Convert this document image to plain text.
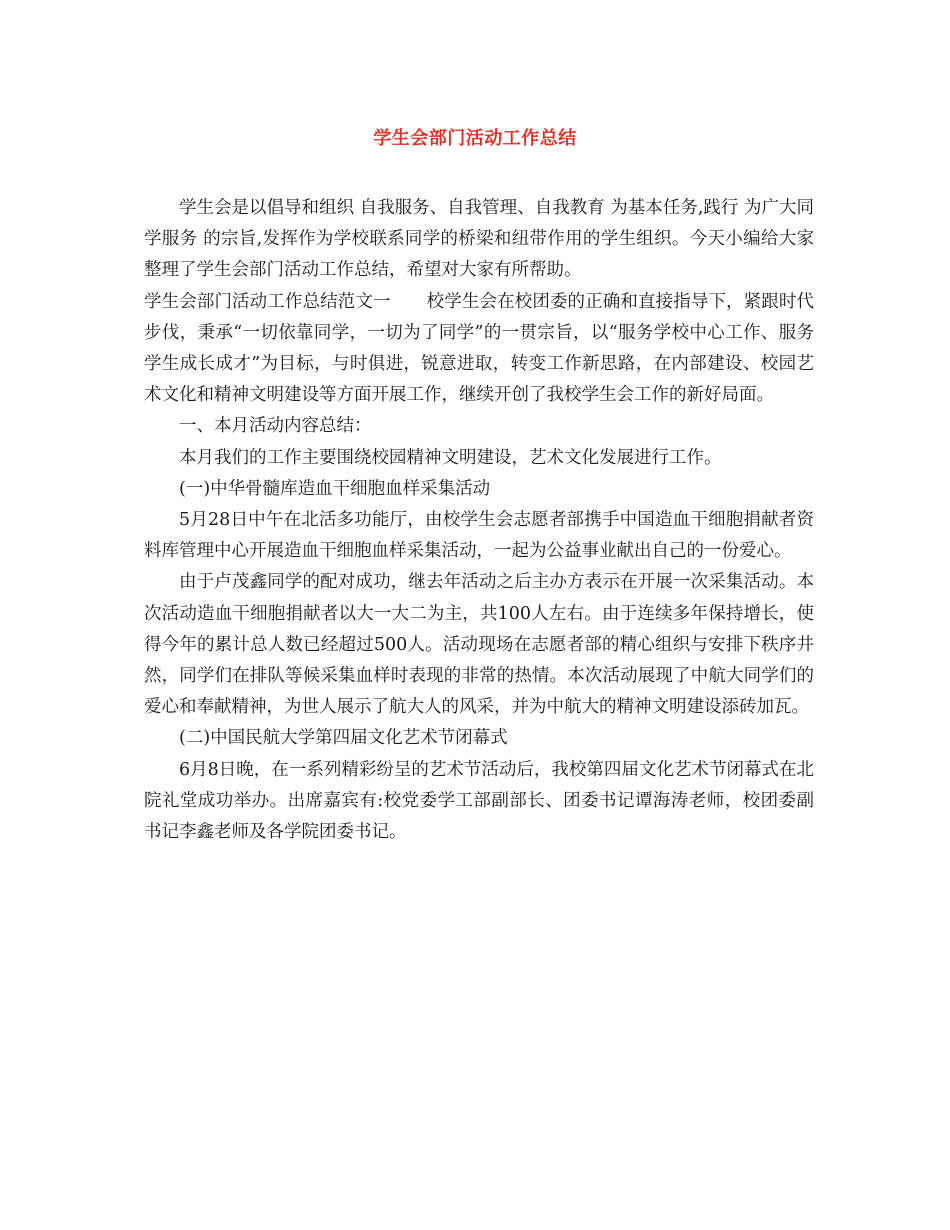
学生会部门活动工作总结

学生会是以倡导和组织 自我服务、自我管理、自我教育 为基本任务,践行 为广大同学服务 的宗旨,发挥作为学校联系同学的桥梁和纽带作用的学生组织。今天小编给大家整理了学生会部门活动工作总结，希望对大家有所帮助。

学生会部门活动工作总结范文一 校学生会在校团委的正确和直接指导下，紧跟时代步伐，秉承“一切依靠同学，一切为了同学”的一贯宗旨，以“服务学校中心工作、服务学生成长成才”为目标，与时俱进，锐意进取，转变工作新思路，在内部建设、校园艺术文化和精神文明建设等方面开展工作，继续开创了我校学生会工作的新好局面。

一、本月活动内容总结：

本月我们的工作主要围绕校园精神文明建设，艺术文化发展进行工作。

(一)中华骨髓库造血干细胞血样采集活动

5月28日中午在北活多功能厅，由校学生会志愿者部携手中国造血干细胞捐献者资料库管理中心开展造血干细胞血样采集活动，一起为公益事业献出自己的一份爱心。

由于卢茂鑫同学的配对成功，继去年活动之后主办方表示在开展一次采集活动。本次活动造血干细胞捐献者以大一大二为主，共100人左右。由于连续多年保持增长，使得今年的累计总人数已经超过500人。活动现场在志愿者部的精心组织与安排下秩序井然，同学们在排队等候采集血样时表现的非常的热情。本次活动展现了中航大同学们的爱心和奉献精神，为世人展示了航大人的风采，并为中航大的精神文明建设添砖加瓦。

(二)中国民航大学第四届文化艺术节闭幕式

6月8日晚，在一系列精彩纷呈的艺术节活动后，我校第四届文化艺术节闭幕式在北院礼堂成功举办。出席嘉宾有:校党委学工部副部长、团委书记谭海涛老师，校团委副书记李鑫老师及各学院团委书记。
